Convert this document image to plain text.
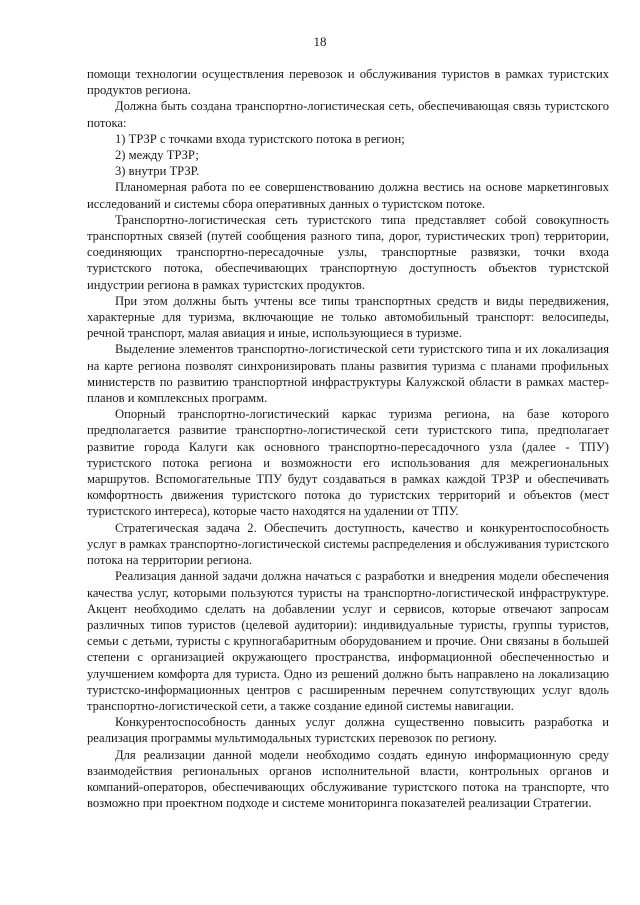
18

помощи технологии осуществления перевозок и обслуживания туристов в рамках туристских продуктов региона.

Должна быть создана транспортно-логистическая сеть, обеспечивающая связь туристского потока:

1) ТРЗР с точками входа туристского потока в регион;

2) между ТРЗР;

3) внутри ТРЗР.

Планомерная работа по ее совершенствованию должна вестись на основе маркетинговых исследований и системы сбора оперативных данных о туристском потоке.

Транспортно-логистическая сеть туристского типа представляет собой совокупность транспортных связей (путей сообщения разного типа, дорог, туристических троп) территории, соединяющих транспортно-пересадочные узлы, транспортные развязки, точки входа туристского потока, обеспечивающих транспортную доступность объектов туристской индустрии региона в рамках туристских продуктов.

При этом должны быть учтены все типы транспортных средств и виды передвижения, характерные для туризма, включающие не только автомобильный транспорт: велосипеды, речной транспорт, малая авиация и иные, использующиеся в туризме.

Выделение элементов транспортно-логистической сети туристского типа и их локализация на карте региона позволят синхронизировать планы развития туризма с планами профильных министерств по развитию транспортной инфраструктуры Калужской области в рамках мастер-планов и комплексных программ.

Опорный транспортно-логистический каркас туризма региона, на базе которого предполагается развитие транспортно-логистической сети туристского типа, предполагает развитие города Калуги как основного транспортно-пересадочного узла (далее - ТПУ) туристского потока региона и возможности его использования для межрегиональных маршрутов. Вспомогательные ТПУ будут создаваться в рамках каждой ТРЗР и обеспечивать комфортность движения туристского потока до туристских территорий и объектов (мест туристского интереса), которые часто находятся на удалении от ТПУ.

Стратегическая задача 2. Обеспечить доступность, качество и конкурентоспособность услуг в рамках транспортно-логистической системы распределения и обслуживания туристского потока на территории региона.

Реализация данной задачи должна начаться с разработки и внедрения модели обеспечения качества услуг, которыми пользуются туристы на транспортно-логистической инфраструктуре. Акцент необходимо сделать на добавлении услуг и сервисов, которые отвечают запросам различных типов туристов (целевой аудитории): индивидуальные туристы, группы туристов, семьи с детьми, туристы с крупногабаритным оборудованием и прочие. Они связаны в большей степени с организацией окружающего пространства, информационной обеспеченностью и улучшением комфорта для туриста. Одно из решений должно быть направлено на локализацию туристско-информационных центров с расширенным перечнем сопутствующих услуг вдоль транспортно-логистической сети, а также создание единой системы навигации.

Конкурентоспособность данных услуг должна существенно повысить разработка и реализация программы мультимодальных туристских перевозок по региону.

Для реализации данной модели необходимо создать единую информационную среду взаимодействия региональных органов исполнительной власти, контрольных органов и компаний-операторов, обеспечивающих обслуживание туристского потока на транспорте, что возможно при проектном подходе и системе мониторинга показателей реализации Стратегии.
